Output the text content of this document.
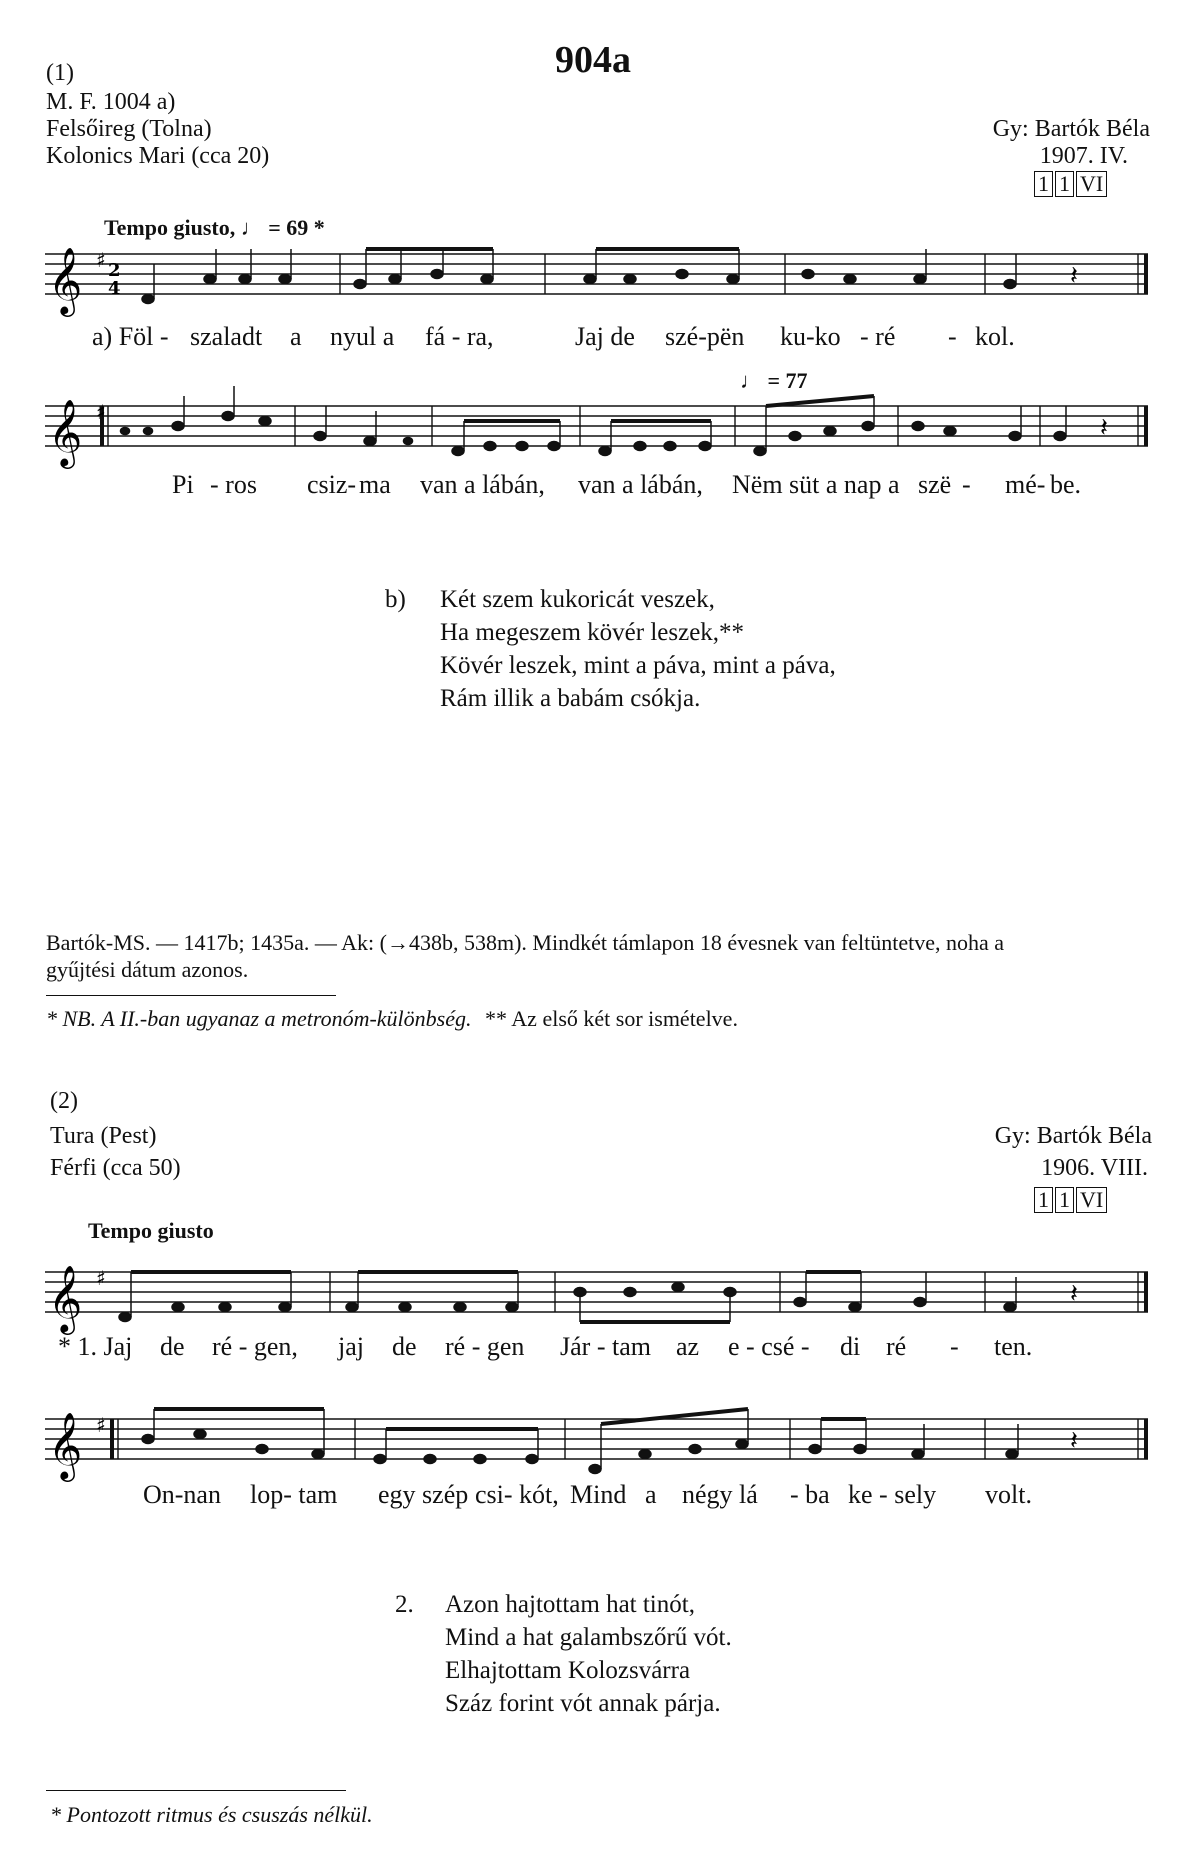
904a
(1)
M. F. 1004 a)
Felsőireg (Tolna)
Kolonics Mari (cca 20)
Gy: Bartók Béla
1907. IV.
1 1 VI
Tempo giusto, ♩ = 69 *
𝄞 ♯ 2
4	𝄽
a) Föl - szaladt a nyul a fá - ra,	Jaj de szé-pën ku-ko - ré - kol.
♩ = 77
𝄞 ♯
𝄽
Pi - ros csiz- ma van a lábán, van a lábán, Nëm süt a nap a szë - mé- be.
b) Két szem kukoricát veszek,
Ha megeszem kövér leszek,**
Kövér leszek, mint a páva, mint a páva,
Rám illik a babám csókja.
Bartók-MS. — 1417b; 1435a. — Ak: (→438b, 538m). Mindkét támlapon 18 évesnek van feltüntetve, noha a
gyűjtési dátum azonos.
* NB. A II.-ban ugyanaz a metronóm-különbség. ** Az első két sor ismételve.
(2)
Tura (Pest)
Férfi (cca 50)
Gy: Bartók Béla
1906. VIII.
1 1 VI
Tempo giusto
𝄞 ♯
𝄽
* 1. Jaj de ré - gen, jaj de ré - gen Jár - tam az e - csé - di ré - ten.
𝄞 ♯
𝄽
On-nan lop- tam egy szép csi- kót, Mind a négy lá - ba ke - sely volt.
2. Azon hajtottam hat tinót,
Mind a hat galambszőrű vót.
Elhajtottam Kolozsvárra
Száz forint vót annak párja.
* Pontozott ritmus és csuszás nélkül.
